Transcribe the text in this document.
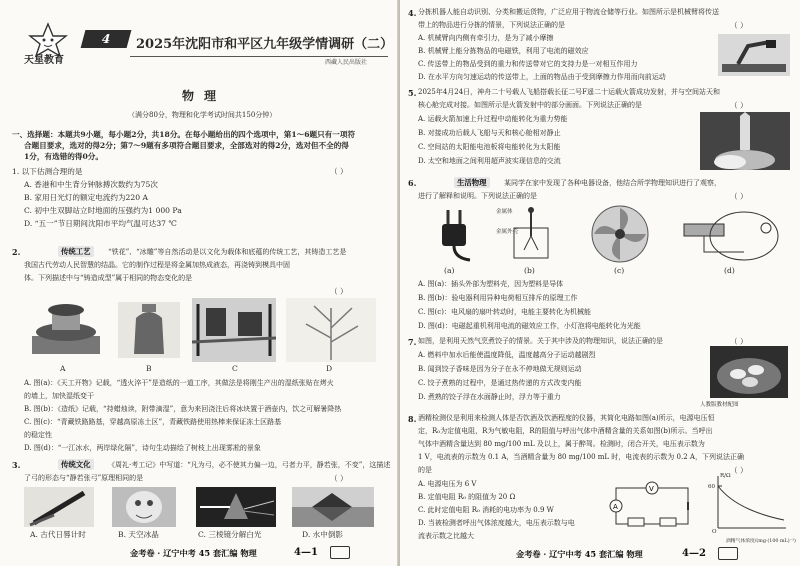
天星教育
4	2025年沈阳市和平区九年级学情调研（二）
西藏人民出版社
物理
（满分80分，物理和化学考试时间共150分钟）
一、选择题：本题共9小题，每小题2分，共18分。在每小题给出的四个选项中，第1～6题只有一项符
合题目要求，选对的得2分；第7～9题有多项符合题目要求，全部选对的得2分，选对但不全的得
1分，有选错的得0分。
1. 以下估测合理的是	（ ）
A. 香港和中生背分钟脉搏次数约为75次
B. 家用日光灯的额定电流约为220 A
C. 初中生双脚站立时地面的压强约为1 000 Pa
D. “五一”节日期间沈阳市平均气温可达37 ℃
2.	传统工艺	“铁花”、“冰雕”等自然活动是以文化为载体和底蕴的传统工艺，其铸造工艺是
我国古代劳动人民智慧的结晶。它的制作过程是将金属加热成液态，再浇铸到模具中固
体。下列描述中与“铸造成型”属于相同的物态变化的是
（ ）
A	B	C	D
A. 图(a)：《天工开物》记载，“透火淬干”是造纸的一道工序，其做法是将刚生产出的湿纸张贴在烤火
的墙上，加快湿纸变干
B. 图(b)：《造纸》记载，“持蜡烛读，附带滴湿”，意为来回浇注后将冰块置于酒壶内，饮之可解暑降热
C. 图(c)：“青藏铁路路基，穿越高原冻土区”，青藏铁路使用热棒来保证冻土区路基
的稳定性
D. 图(d)：“一江冰水，两岸绿化隔”，诗句生动描绘了树枝上出现雾凇的景象
3.	传统文化	《周礼·考工记》中写道：“凡为弓，必不使其力偏一边，弓者力平，静若张，不变”，这描述
了弓的形态与“静若张弓”原理相同的是	（ ）
A. 古代日晷计时	B. 天空冰晶	C. 三棱镜分解白光	D. 水中倒影
金考卷 · 辽宁中考 45 套汇编 物理	4—1
4. 分拣机器人能自动识别、分类和搬运货物，广泛应用于物流仓储等行业。如图所示是机械臂将传送
带上的物品进行分拣的情景，下列说法正确的是	（ ）
A. 机械臂向内侧有牵引力，是为了减小摩擦
B. 机械臂上能分拣物品的电磁铁，利用了电流的磁效应
C. 传送带上的物品受到的重力和传送带对它的支持力是一对相互作用力
D. 在水平方向匀速运动的传送带上，上面的物品由于受到摩擦力作用而向前运动
5. 2025年4月24日，神舟二十号载人飞船搭载长征二号F遥二十运载火箭成功发射，并与空间站天和
核心舱完成对接。如图所示是火箭发射中的部分画面。下列说法正确的是	（ ）
A. 运载火箭加速上升过程中动能转化为重力势能
B. 对接成功后载人飞船与天和核心舱相对静止
C. 空间站的太阳能电池板将电能转化为太阳能
D. 太空和地面之间利用超声波实现信息的交流
6.	生活物理	某同学在家中发现了各种电器设备，他结合所学物理知识进行了观察，
进行了解释和说明。下列说法正确的是	（ ）
金属体
金属外壳
(a)	(b)	(c)	(d)
A. 图(a)：插头外部为塑料壳，因为塑料是导体
B. 图(b)：验电器利用异种电荷相互排斥的原理工作
C. 图(c)：电风扇的扇叶转动时，电能主要转化为机械能
D. 图(d)：电磁起重机利用电流的磁效应工作，小灯泡将电能转化为光能
7. 如图，是利用天然气烹煮饺子的情景。关于其中涉及的物理知识，说法正确的是	（ ）
A. 燃料中加水后能使温度降低，温度越高分子运动越剧烈
B. 闻到饺子香味是因为分子在永不停地做无规则运动
C. 饺子煮熟的过程中，是通过热传递的方式改变内能
D. 煮熟的饺子浮在水面静止时，浮力等于重力
人教版教材配图
8. 酒精检测仪是利用来检测人体是否饮酒及饮酒程度的仪器，其简化电路如图(a)所示，电源电压恒
定，R₀为定值电阻，R为气敏电阻，R的阻值与呼出气体中酒精含量的关系如图(b)所示。当呼出
气体中酒精含量达到 80 mg/100 mL 及以上，属于醉驾。检测时，闭合开关，电压表示数为
1 V，电流表的示数为 0.1 A，当酒精含量为 80 mg/100 mL 时，电流表的示数为 0.2 A，下列说法正确
的是	（ ）
A. 电源电压为 6 V
B. 定值电阻 R₀ 的阻值为 20 Ω
C. 此时定值电阻 R₀ 消耗的电功率为 0.9 W
D. 当被检测者呼出气体浓度越大，电压表示数与电
流表示数之比越大
V
A
R/Ω
60
O
酒精气体浓度/(mg·(100 mL)⁻¹)
金考卷 · 辽宁中考 45 套汇编 物理	4—2
